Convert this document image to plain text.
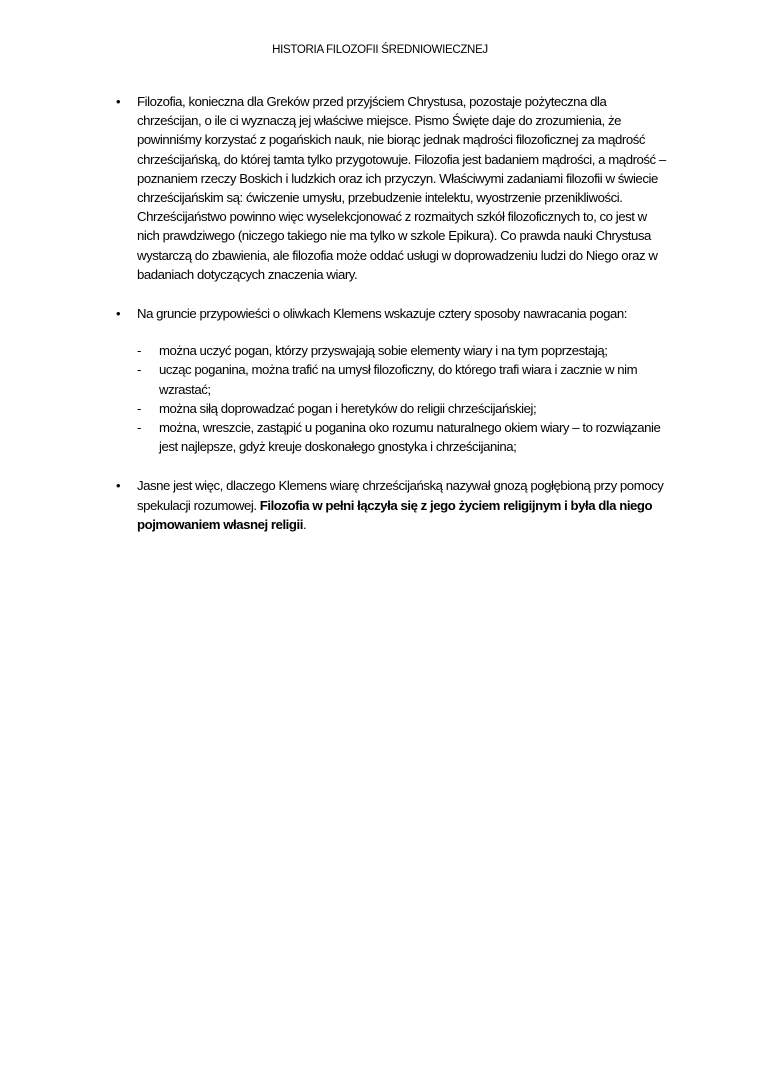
HISTORIA FILOZOFII ŚREDNIOWIECZNEJ
• Filozofia, konieczna dla Greków przed przyjściem Chrystusa, pozostaje pożyteczna dla chrześcijan, o ile ci wyznaczą jej właściwe miejsce. Pismo Święte daje do zrozumienia, że powinniśmy korzystać z pogańskich nauk, nie biorąc jednak mądrości filozoficznej za mądrość chrześcijańską, do której tamta tylko przygotowuje. Filozofia jest badaniem mądrości, a mądrość – poznaniem rzeczy Boskich i ludzkich oraz ich przyczyn. Właściwymi zadaniami filozofii w świecie chrześcijańskim są: ćwiczenie umysłu, przebudzenie intelektu, wyostrzenie przenikliwości. Chrześcijaństwo powinno więc wyselekcjonować z rozmaitych szkół filozoficznych to, co jest w nich prawdziwego (niczego takiego nie ma tylko w szkole Epikura). Co prawda nauki Chrystusa wystarczą do zbawienia, ale filozofia może oddać usługi w doprowadzeniu ludzi do Niego oraz w badaniach dotyczących znaczenia wiary.
• Na gruncie przypowieści o oliwkach Klemens wskazuje cztery sposoby nawracania pogan:
- można uczyć pogan, którzy przyswajają sobie elementy wiary i na tym poprzestają;
- ucząc poganina, można trafić na umysł filozoficzny, do którego trafi wiara i zacznie w nim wzrastać;
- można siłą doprowadzać pogan i heretyków do religii chrześcijańskiej;
- można, wreszcie, zastąpić u poganina oko rozumu naturalnego okiem wiary – to rozwiązanie jest najlepsze, gdyż kreuje doskonałego gnostyka i chrześcijanina;
• Jasne jest więc, dlaczego Klemens wiarę chrześcijańską nazywał gnozą pogłębioną przy pomocy spekulacji rozumowej. Filozofia w pełni łączyła się z jego życiem religijnym i była dla niego pojmowaniem własnej religii.
